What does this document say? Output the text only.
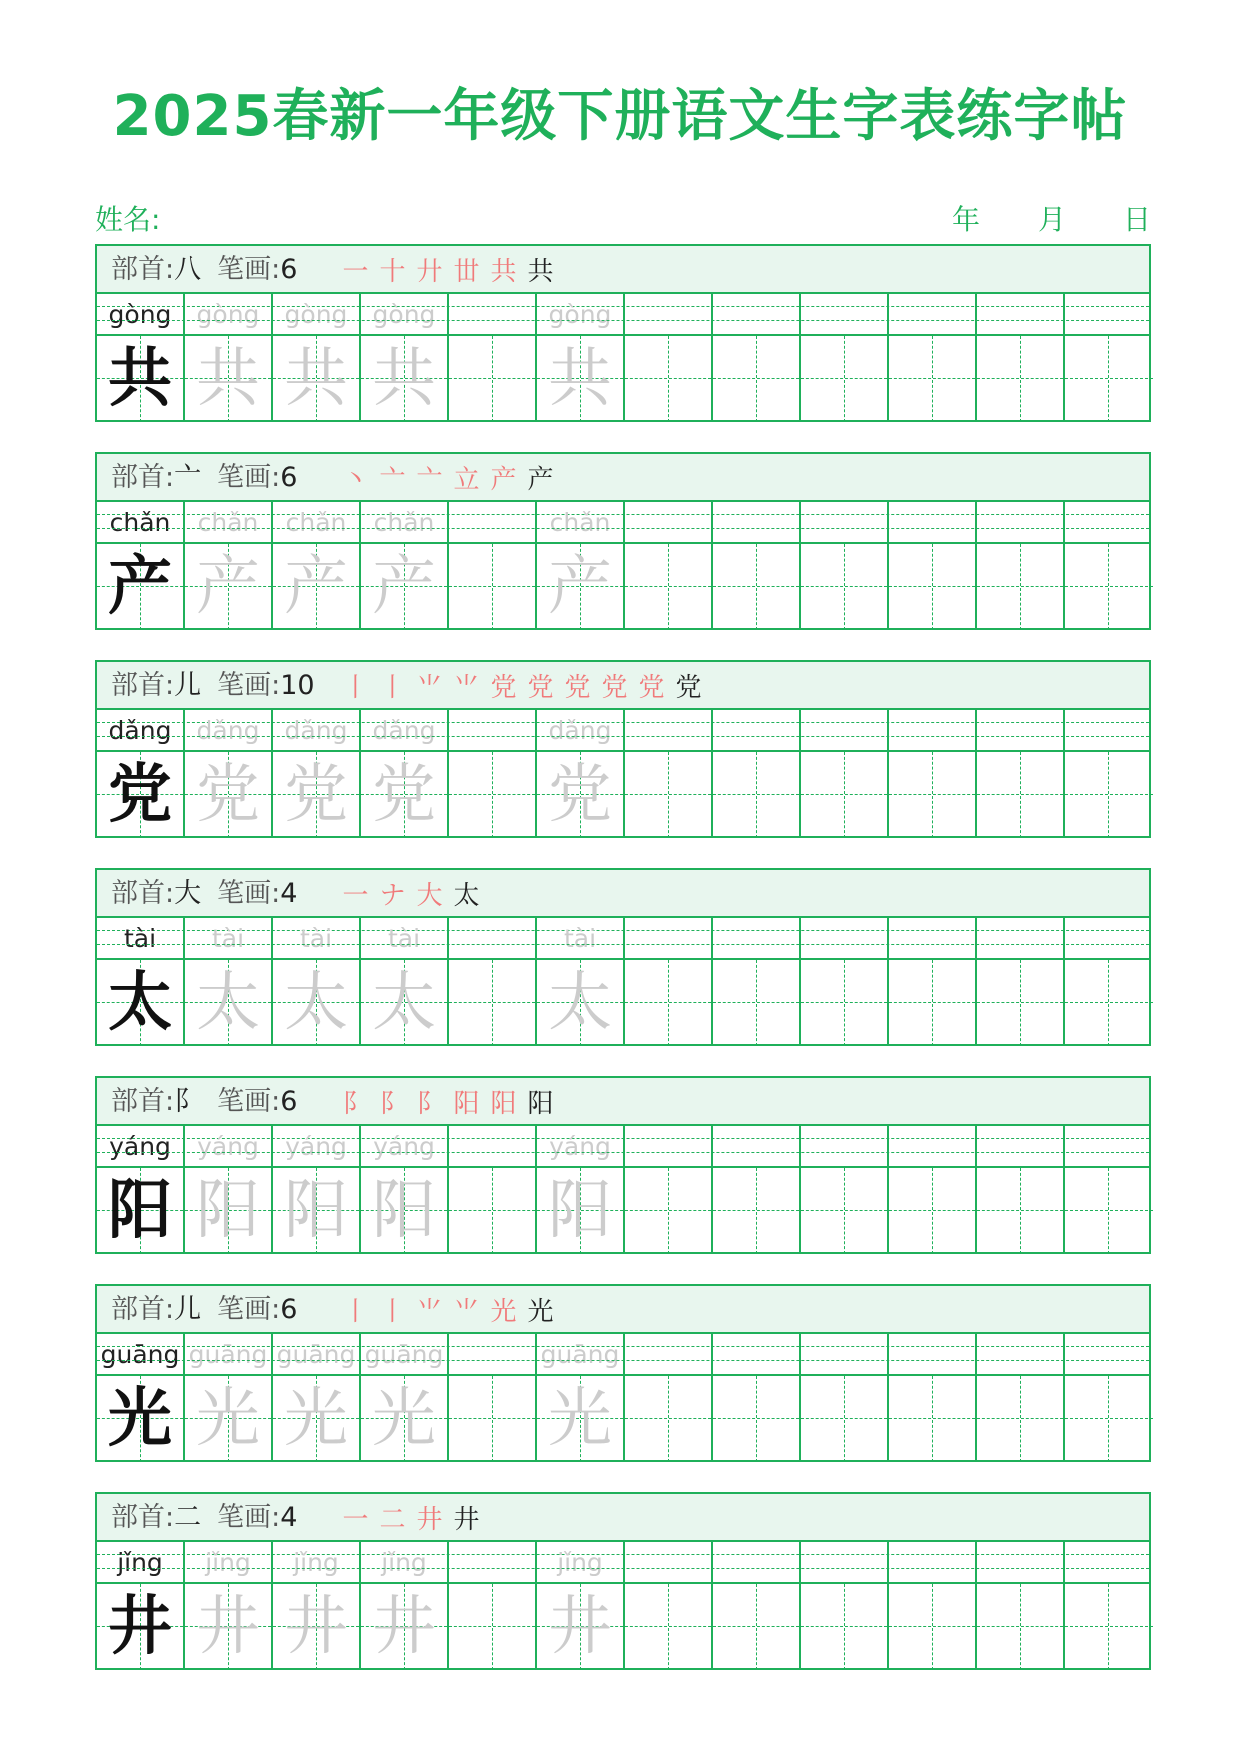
2025春新一年级下册语文生字表练字帖
姓名:	年 月 日
部首:八 笔画:6 一 十 廾 丗 共 共
gòng	gòng	gòng	gòng	gòng
共 共 共 共 共
部首:亠 笔画:6 丶 亠 亠 立 产 产
chǎn	chǎn	chǎn	chǎn	chǎn
产 产 产 产 产
部首:儿 笔画:10 丨 丨 ⺌ ⺌ 党 党 党 党 党 党
dǎng	dǎng	dǎng	dǎng	dǎng
党 党 党 党 党
部首:大 笔画:4 一 ナ 大 太
tài	tài	tài	tài	tài
太 太 太 太 太
部首:阝 笔画:6 阝 阝 阝 阳 阳 阳
yáng	yáng	yáng	yáng	yáng
阳 阳 阳 阳 阳
部首:儿 笔画:6 丨 丨 ⺌ ⺌ 光 光
guāng guāng guāng guāng	guāng
光 光 光 光 光
部首:二 笔画:4 一 二 井 井
jǐng	jǐng	jǐng	jǐng	jǐng
井 井 井 井 井
